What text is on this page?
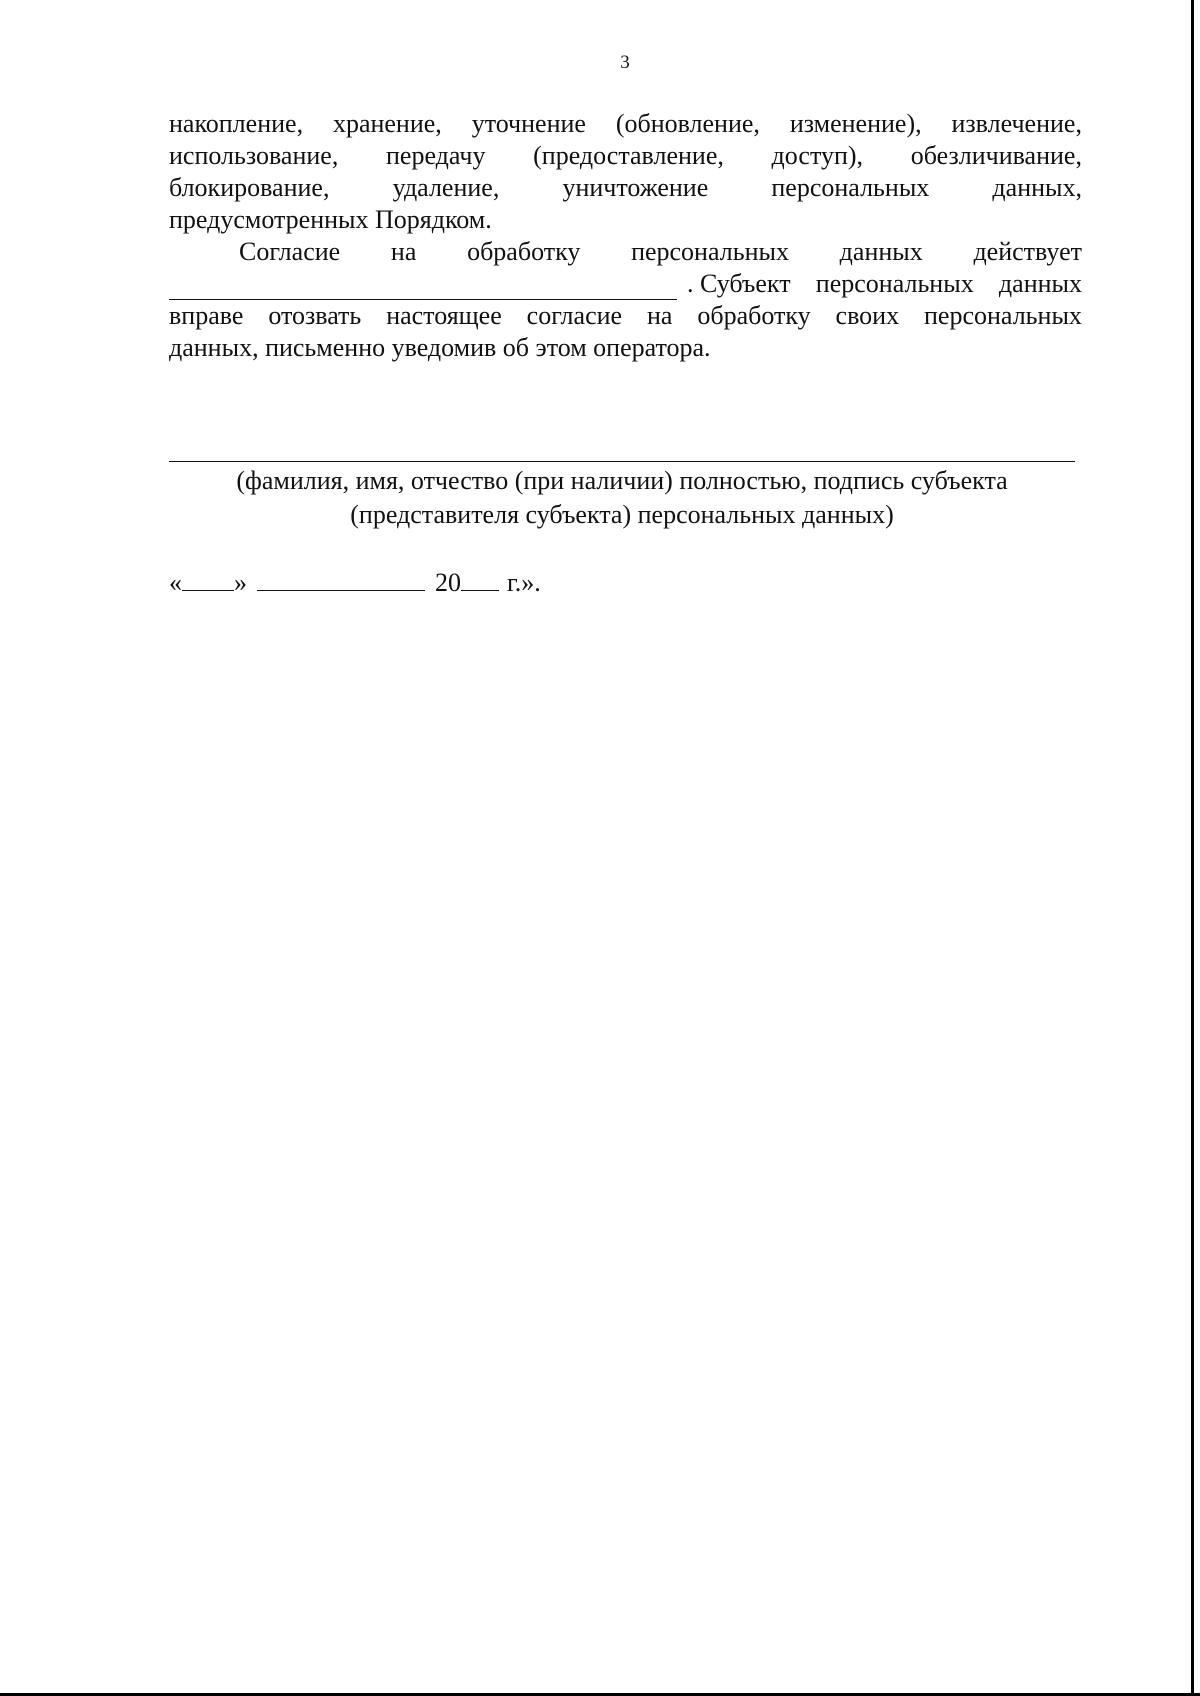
3
накопление, хранение, уточнение (обновление, изменение), извлечение,
использование, передачу (предоставление, доступ), обезличивание,
блокирование, удаление, уничтожение персональных данных,
предусмотренных Порядком.
Согласие на обработку персональных данных действует
. Субъект персональных данных
вправе отозвать настоящее согласие на обработку своих персональных
данных, письменно уведомив об этом оператора.
(фамилия, имя, отчество (при наличии) полностью, подпись субъекта
(представителя субъекта) персональных данных)
« »	20 г.».
